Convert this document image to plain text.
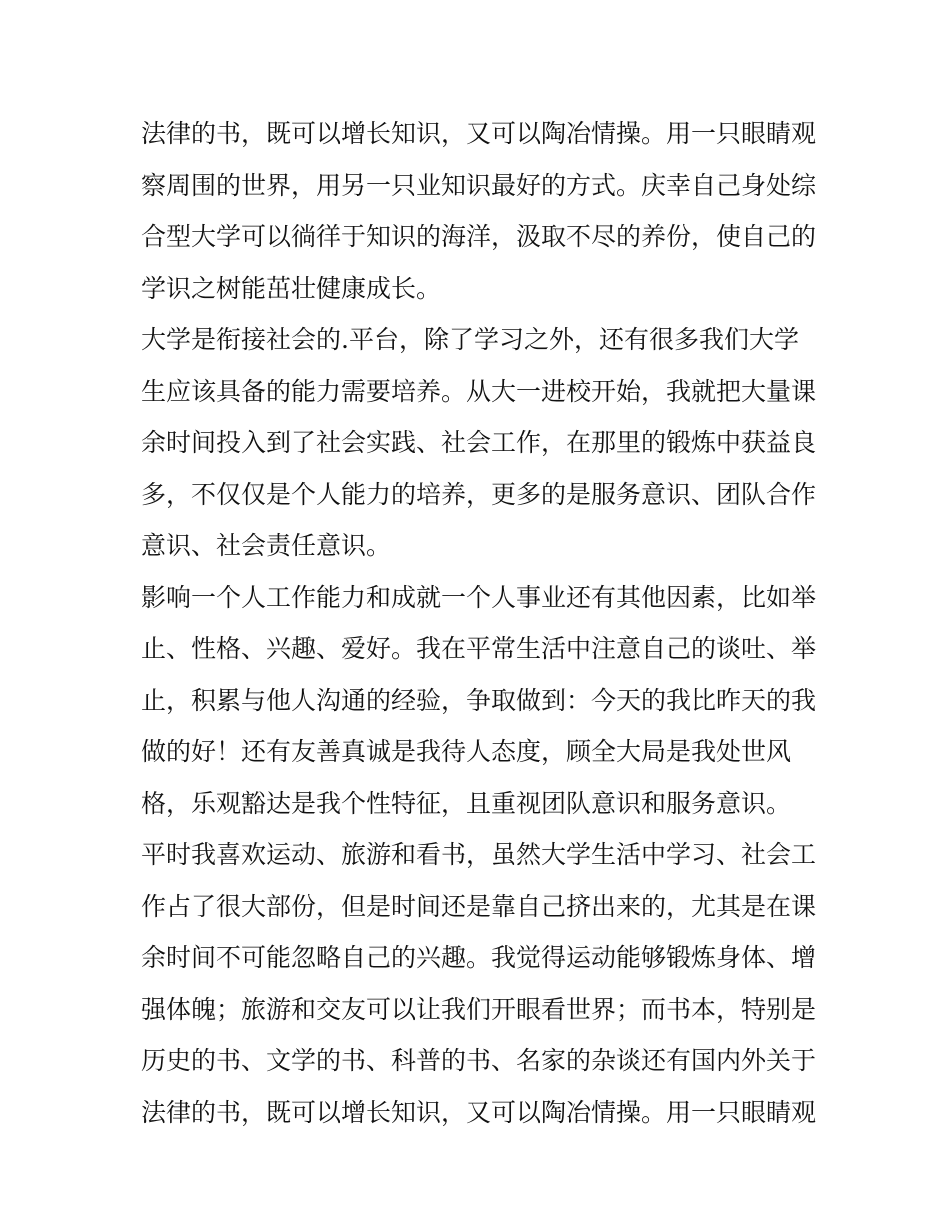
法律的书，既可以增长知识，又可以陶冶情操。用一只眼睛观
察周围的世界，用另一只业知识最好的方式。庆幸自己身处综
合型大学可以徜徉于知识的海洋，汲取不尽的养份，使自己的
学识之树能茁壮健康成长。
大学是衔接社会的.平台，除了学习之外，还有很多我们大学
生应该具备的能力需要培养。从大一进校开始，我就把大量课
余时间投入到了社会实践、社会工作，在那里的锻炼中获益良
多，不仅仅是个人能力的培养，更多的是服务意识、团队合作
意识、社会责任意识。
影响一个人工作能力和成就一个人事业还有其他因素，比如举
止、性格、兴趣、爱好。我在平常生活中注意自己的谈吐、举
止，积累与他人沟通的经验，争取做到：今天的我比昨天的我
做的好！还有友善真诚是我待人态度，顾全大局是我处世风
格，乐观豁达是我个性特征，且重视团队意识和服务意识。
平时我喜欢运动、旅游和看书，虽然大学生活中学习、社会工
作占了很大部份，但是时间还是靠自己挤出来的，尤其是在课
余时间不可能忽略自己的兴趣。我觉得运动能够锻炼身体、增
强体魄；旅游和交友可以让我们开眼看世界；而书本，特别是
历史的书、文学的书、科普的书、名家的杂谈还有国内外关于
法律的书，既可以增长知识，又可以陶冶情操。用一只眼睛观
